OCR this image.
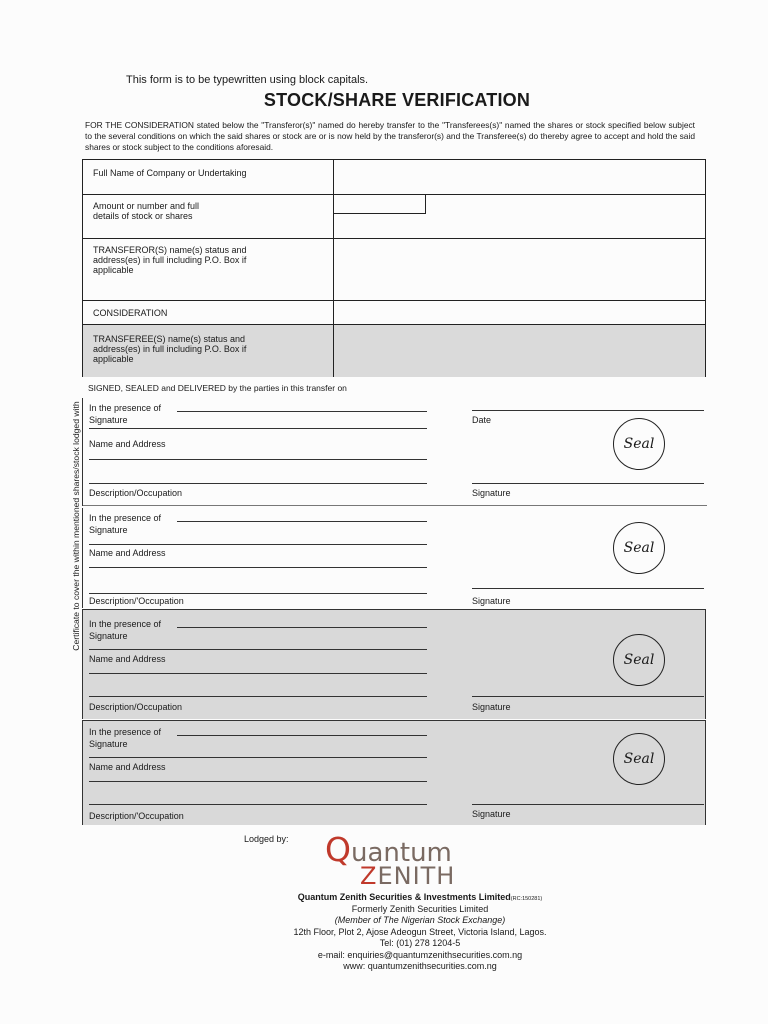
This form is to be typewritten using block capitals.
STOCK/SHARE VERIFICATION
FOR THE CONSIDERATION stated below the "Transferor(s)" named do hereby transfer to the "Transferees(s)" named the shares or stock specified below subject to the several conditions on which the said shares or stock are or is now held by the transferor(s) and the Transferee(s) do thereby agree to accept and hold the said shares or stock subject to the conditions aforesaid.
Certificate to cover the within mentioned shares/stock lodged with
Full Name of Company or Undertaking
Amount or number and full details of stock or shares
TRANSFEROR(S) name(s) status and address(es) in full including P.O. Box if applicable
CONSIDERATION
TRANSFEREE(S) name(s) status and address(es) in full including P.O. Box if applicable
SIGNED, SEALED and DELIVERED by the parties in this transfer on
In the presence of
Signature
Name and Address
Description/Occupation
Date
Seal
Signature
In the presence of
Signature
Name and Address
Description/'Occupation
Seal
Signature
In the presence of
Signature
Name and Address
Description/Occupation
Seal
Signature
In the presence of
Signature
Name and Address
Description/'Occupation
Seal
Signature
Lodged by: Quantum
ZENITH
Quantum Zenith Securities & Investments Limited(RC:150281)
Formerly Zenith Securities Limited
(Member of The Nigerian Stock Exchange)
12th Floor, Plot 2, Ajose Adeogun Street, Victoria Island, Lagos.
Tel: (01) 278 1204-5
e-mail: enquiries@quantumzenithsecurities.com.ng
www: quantumzenithsecurities.com.ng
